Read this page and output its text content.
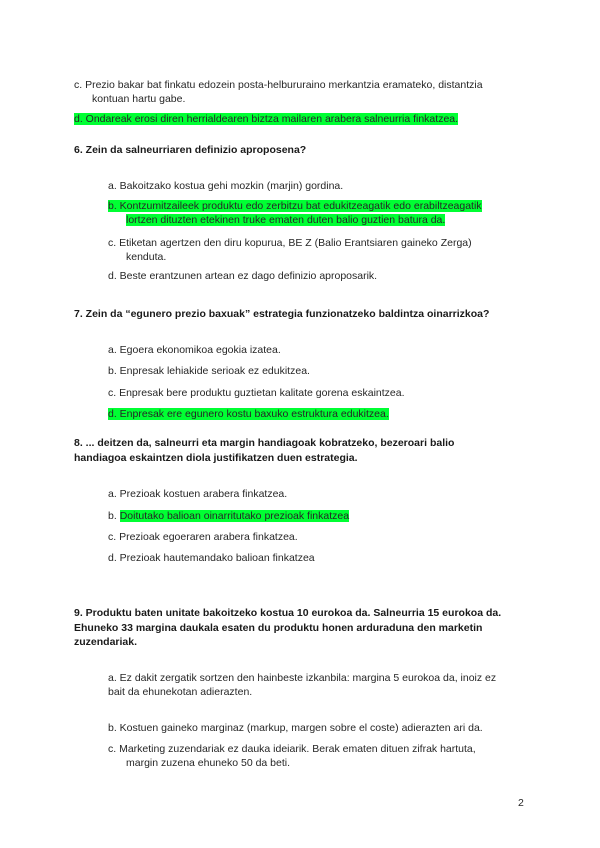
c. Prezio bakar bat finkatu edozein posta-helbururaino merkantzia eramateko, distantzia
kontuan hartu gabe.
d. Ondareak erosi diren herrialdearen biztza mailaren arabera salneurria finkatzea.
6. Zein da salneurriaren definizio aproposena?
a. Bakoitzako kostua gehi mozkin (marjin) gordina.
b. Kontzumitzaileek produktu edo zerbitzu bat edukitzeagatik edo erabiltzeagatik
lortzen dituzten etekinen truke ematen duten balio guztien batura da.
c. Etiketan agertzen den diru kopurua, BE Z (Balio Erantsiaren gaineko Zerga)
kenduta.
d. Beste erantzunen artean ez dago definizio aproposarik.
7. Zein da “egunero prezio baxuak” estrategia funzionatzeko baldintza oinarrizkoa?
a. Egoera ekonomikoa egokia izatea.
b. Enpresak lehiakide serioak ez edukitzea.
c. Enpresak bere produktu guztietan kalitate gorena eskaintzea.
d. Enpresak ere egunero kostu baxuko estruktura edukitzea.
8. ... deitzen da, salneurri eta margin handiagoak kobratzeko, bezeroari balio
handiagoa eskaintzen diola justifikatzen duen estrategia.
a. Prezioak kostuen arabera finkatzea.
b. Doitutako balioan oinarritutako prezioak finkatzea
c. Prezioak egoeraren arabera finkatzea.
d. Prezioak hautemandako balioan finkatzea
9. Produktu baten unitate bakoitzeko kostua 10 eurokoa da. Salneurria 15 eurokoa da.
Ehuneko 33 margina daukala esaten du produktu honen arduraduna den marketin
zuzendariak.
a. Ez dakit zergatik sortzen den hainbeste izkanbila: margina 5 eurokoa da, inoiz ez
bait da ehunekotan adierazten.
b. Kostuen gaineko marginaz (markup, margen sobre el coste) adierazten ari da.
c. Marketing zuzendariak ez dauka ideiarik. Berak ematen dituen zifrak hartuta,
margin zuzena ehuneko 50 da beti.
2
